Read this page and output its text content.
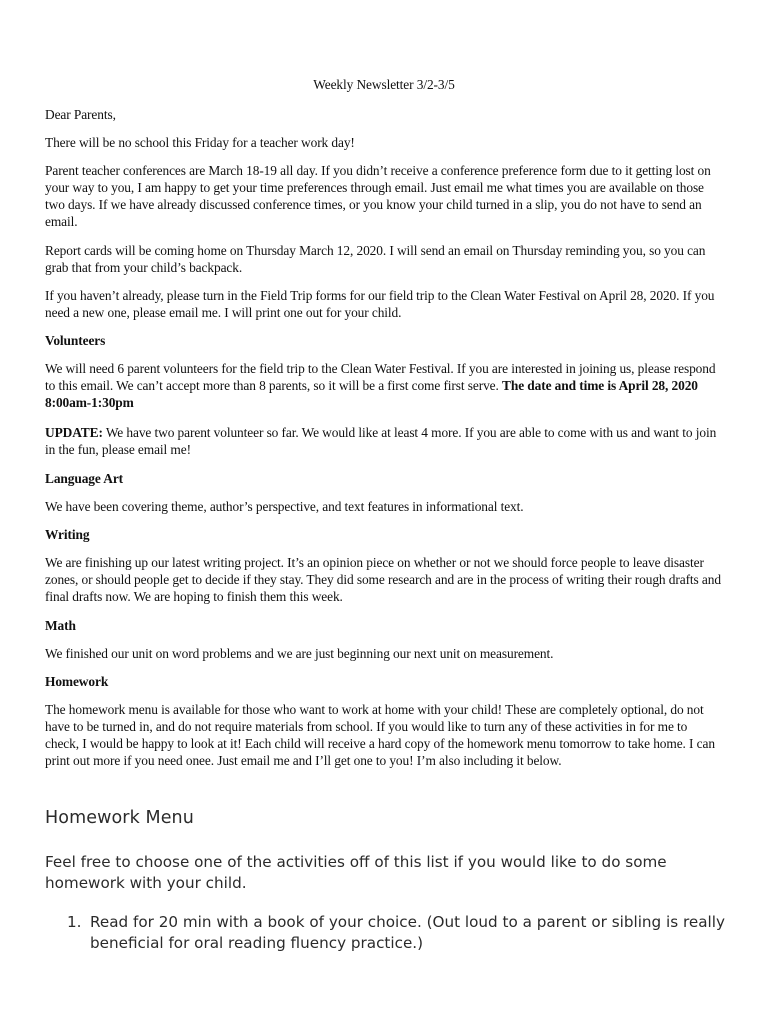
Weekly Newsletter 3/2-3/5

Dear Parents,

There will be no school this Friday for a teacher work day!

Parent teacher conferences are March 18-19 all day. If you didn’t receive a conference preference form due to it getting lost on your way to you, I am happy to get your time preferences through email. Just email me what times you are available on those two days. If we have already discussed conference times, or you know your child turned in a slip, you do not have to send an email.

Report cards will be coming home on Thursday March 12, 2020. I will send an email on Thursday reminding you, so you can grab that from your child’s backpack.

If you haven’t already, please turn in the Field Trip forms for our field trip to the Clean Water Festival on April 28, 2020. If you need a new one, please email me. I will print one out for your child.

Volunteers

We will need 6 parent volunteers for the field trip to the Clean Water Festival. If you are interested in joining us, please respond to this email. We can’t accept more than 8 parents, so it will be a first come first serve. The date and time is April 28, 2020 8:00am-1:30pm

UPDATE: We have two parent volunteer so far. We would like at least 4 more. If you are able to come with us and want to join in the fun, please email me!

Language Art

We have been covering theme, author’s perspective, and text features in informational text.

Writing

We are finishing up our latest writing project. It’s an opinion piece on whether or not we should force people to leave disaster zones, or should people get to decide if they stay. They did some research and are in the process of writing their rough drafts and final drafts now. We are hoping to finish them this week.

Math

We finished our unit on word problems and we are just beginning our next unit on measurement.

Homework

The homework menu is available for those who want to work at home with your child! These are completely optional, do not have to be turned in, and do not require materials from school. If you would like to turn any of these activities in for me to check, I would be happy to look at it! Each child will receive a hard copy of the homework menu tomorrow to take home. I can print out more if you need onee. Just email me and I’ll get one to you! I’m also including it below.

Homework Menu

Feel free to choose one of the activities off of this list if you would like to do some homework with your child.

1. Read for 20 min with a book of your choice. (Out loud to a parent or sibling is really beneficial for oral reading fluency practice.)
